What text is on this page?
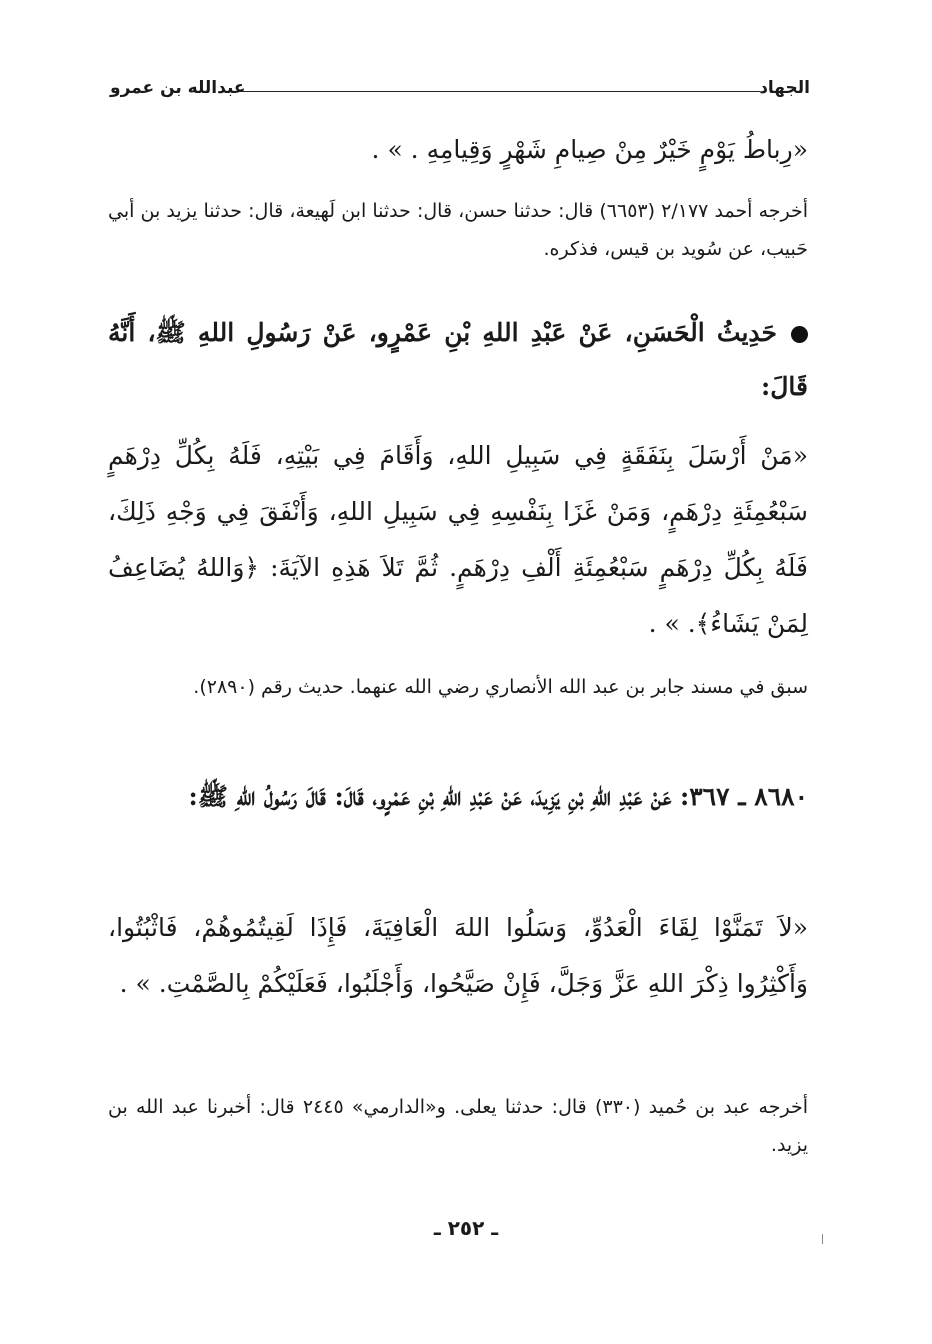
الجهاد
عبدالله بن عمرو
«رِباطُ يَوْمٍ خَيْرٌ مِنْ صِيامِ شَهْرٍ وَقِيامِهِ . » .
أخرجه أحمد ٢/١٧٧ (٦٦٥٣) قال: حدثنا حسن، قال: حدثنا ابن لَهيعة، قال: حدثنا يزيد بن أبي حَبيب، عن سُويد بن قيس، فذكره.
حَدِيثُ الْحَسَنِ، عَنْ عَبْدِ اللهِ بْنِ عَمْرٍو، عَنْ رَسُولِ اللهِ ﷺ، أَنَّهُ قَالَ:
«مَنْ أَرْسَلَ بِنَفَقَةٍ فِي سَبِيلِ اللهِ، وَأَقَامَ فِي بَيْتِهِ، فَلَهُ بِكُلِّ دِرْهَمٍ سَبْعُمِئَةِ دِرْهَمٍ، وَمَنْ غَزَا بِنَفْسِهِ فِي سَبِيلِ اللهِ، وَأَنْفَقَ فِي وَجْهِ ذَلِكَ، فَلَهُ بِكُلِّ دِرْهَمٍ سَبْعُمِئَةِ أَلْفِ دِرْهَمٍ. ثُمَّ تَلاَ هَذِهِ الآيَةَ: ﴿وَاللهُ يُضَاعِفُ لِمَنْ يَشَاءُ﴾. » .
سبق في مسند جابر بن عبد الله الأنصاري رضي الله عنهما. حديث رقم (٢٨٩٠).
٨٦٨٠ ـ ٣٦٧: عَنْ عَبْدِ اللهِ بْنِ يَزِيدَ، عَنْ عَبْدِ اللهِ بْنِ عَمْرٍو، قَالَ: قَالَ رَسُولُ اللهِ ﷺ:
«لاَ تَمَنَّوْا لِقَاءَ الْعَدُوِّ، وَسَلُوا اللهَ الْعَافِيَةَ، فَإِذَا لَقِيتُمُوهُمْ، فَاثْبُتُوا، وَأَكْثِرُوا ذِكْرَ اللهِ عَزَّ وَجَلَّ، فَإِنْ صَيَّحُوا، وَأَجْلَبُوا، فَعَلَيْكُمْ بِالصَّمْتِ. » .
أخرجه عبد بن حُميد (٣٣٠) قال: حدثنا يعلى. و«الدارمي» ٢٤٤٥ قال: أخبرنا عبد الله بن يزيد.
ـ ٢٥٢ ـ
